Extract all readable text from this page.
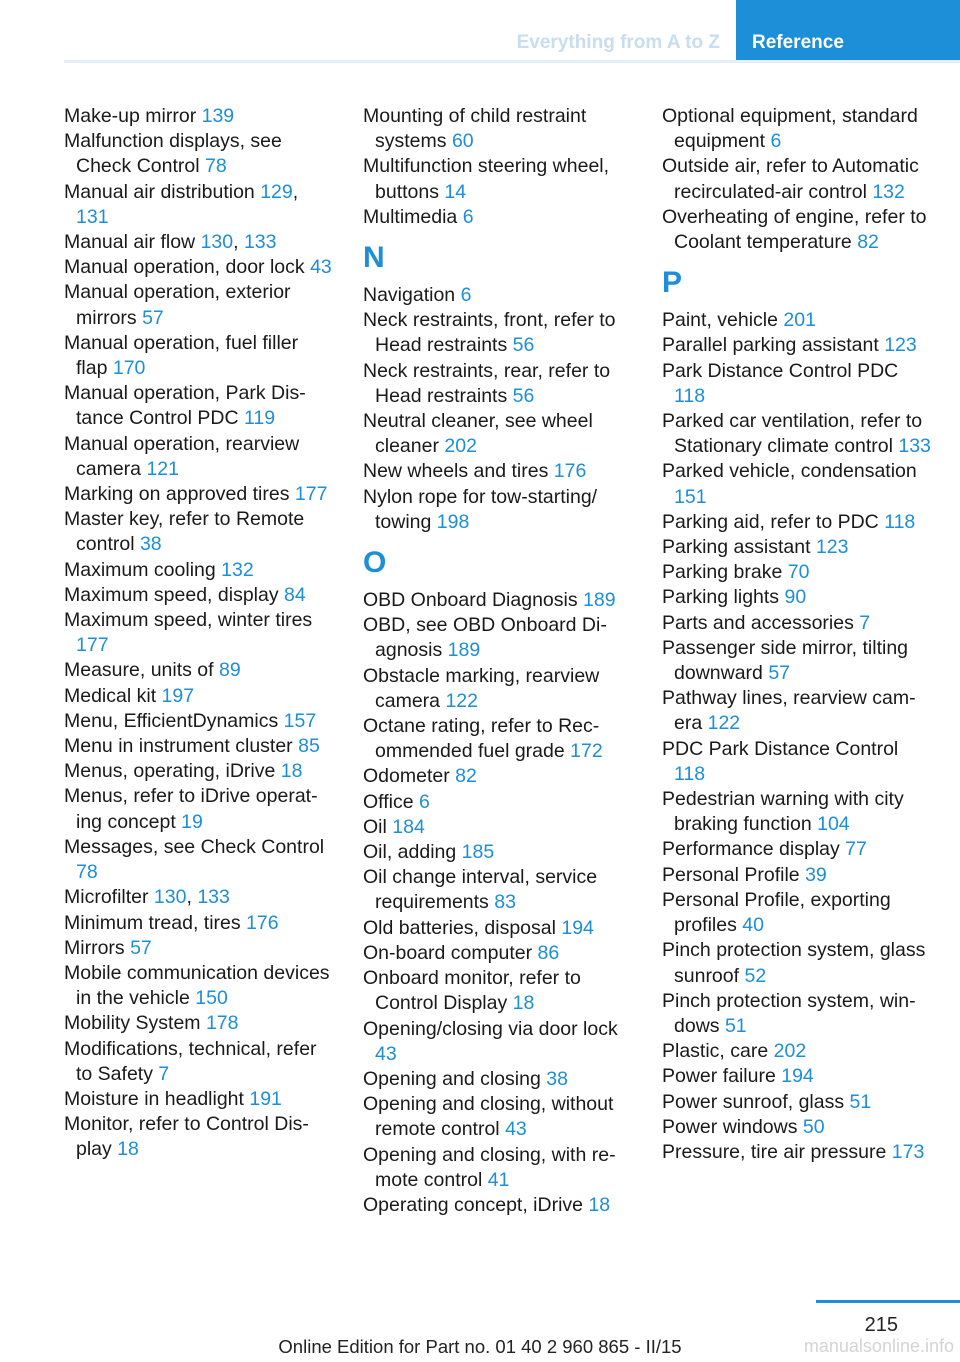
Everything from A to Z	Reference
Make-up mirror 139
Malfunction displays, see Check Control 78
Manual air distribution 129, 131
Manual air flow 130, 133
Manual operation, door lock 43
Manual operation, exterior mirrors 57
Manual operation, fuel filler flap 170
Manual operation, Park Distance Control PDC 119
Manual operation, rearview camera 121
Marking on approved tires 177
Master key, refer to Remote control 38
Maximum cooling 132
Maximum speed, display 84
Maximum speed, winter tires 177
Measure, units of 89
Medical kit 197
Menu, EfficientDynamics 157
Menu in instrument cluster 85
Menus, operating, iDrive 18
Menus, refer to iDrive operating concept 19
Messages, see Check Control 78
Microfilter 130, 133
Minimum tread, tires 176
Mirrors 57
Mobile communication devices in the vehicle 150
Mobility System 178
Modifications, technical, refer to Safety 7
Moisture in headlight 191
Monitor, refer to Control Display 18
Mounting of child restraint systems 60
Multifunction steering wheel, buttons 14
Multimedia 6
N
Navigation 6
Neck restraints, front, refer to Head restraints 56
Neck restraints, rear, refer to Head restraints 56
Neutral cleaner, see wheel cleaner 202
New wheels and tires 176
Nylon rope for tow-starting/ towing 198
O
OBD Onboard Diagnosis 189
OBD, see OBD Onboard Diagnosis 189
Obstacle marking, rearview camera 122
Octane rating, refer to Recommended fuel grade 172
Odometer 82
Office 6
Oil 184
Oil, adding 185
Oil change interval, service requirements 83
Old batteries, disposal 194
On-board computer 86
Onboard monitor, refer to Control Display 18
Opening/closing via door lock 43
Opening and closing 38
Opening and closing, without remote control 43
Opening and closing, with remote control 41
Operating concept, iDrive 18
Optional equipment, standard equipment 6
Outside air, refer to Automatic recirculated-air control 132
Overheating of engine, refer to Coolant temperature 82
P
Paint, vehicle 201
Parallel parking assistant 123
Park Distance Control PDC 118
Parked car ventilation, refer to Stationary climate control 133
Parked vehicle, condensation 151
Parking aid, refer to PDC 118
Parking assistant 123
Parking brake 70
Parking lights 90
Parts and accessories 7
Passenger side mirror, tilting downward 57
Pathway lines, rearview camera 122
PDC Park Distance Control 118
Pedestrian warning with city braking function 104
Performance display 77
Personal Profile 39
Personal Profile, exporting profiles 40
Pinch protection system, glass sunroof 52
Pinch protection system, windows 51
Plastic, care 202
Power failure 194
Power sunroof, glass 51
Power windows 50
Pressure, tire air pressure 173
215
Online Edition for Part no. 01 40 2 960 865 - II/15	manualsonline.info
